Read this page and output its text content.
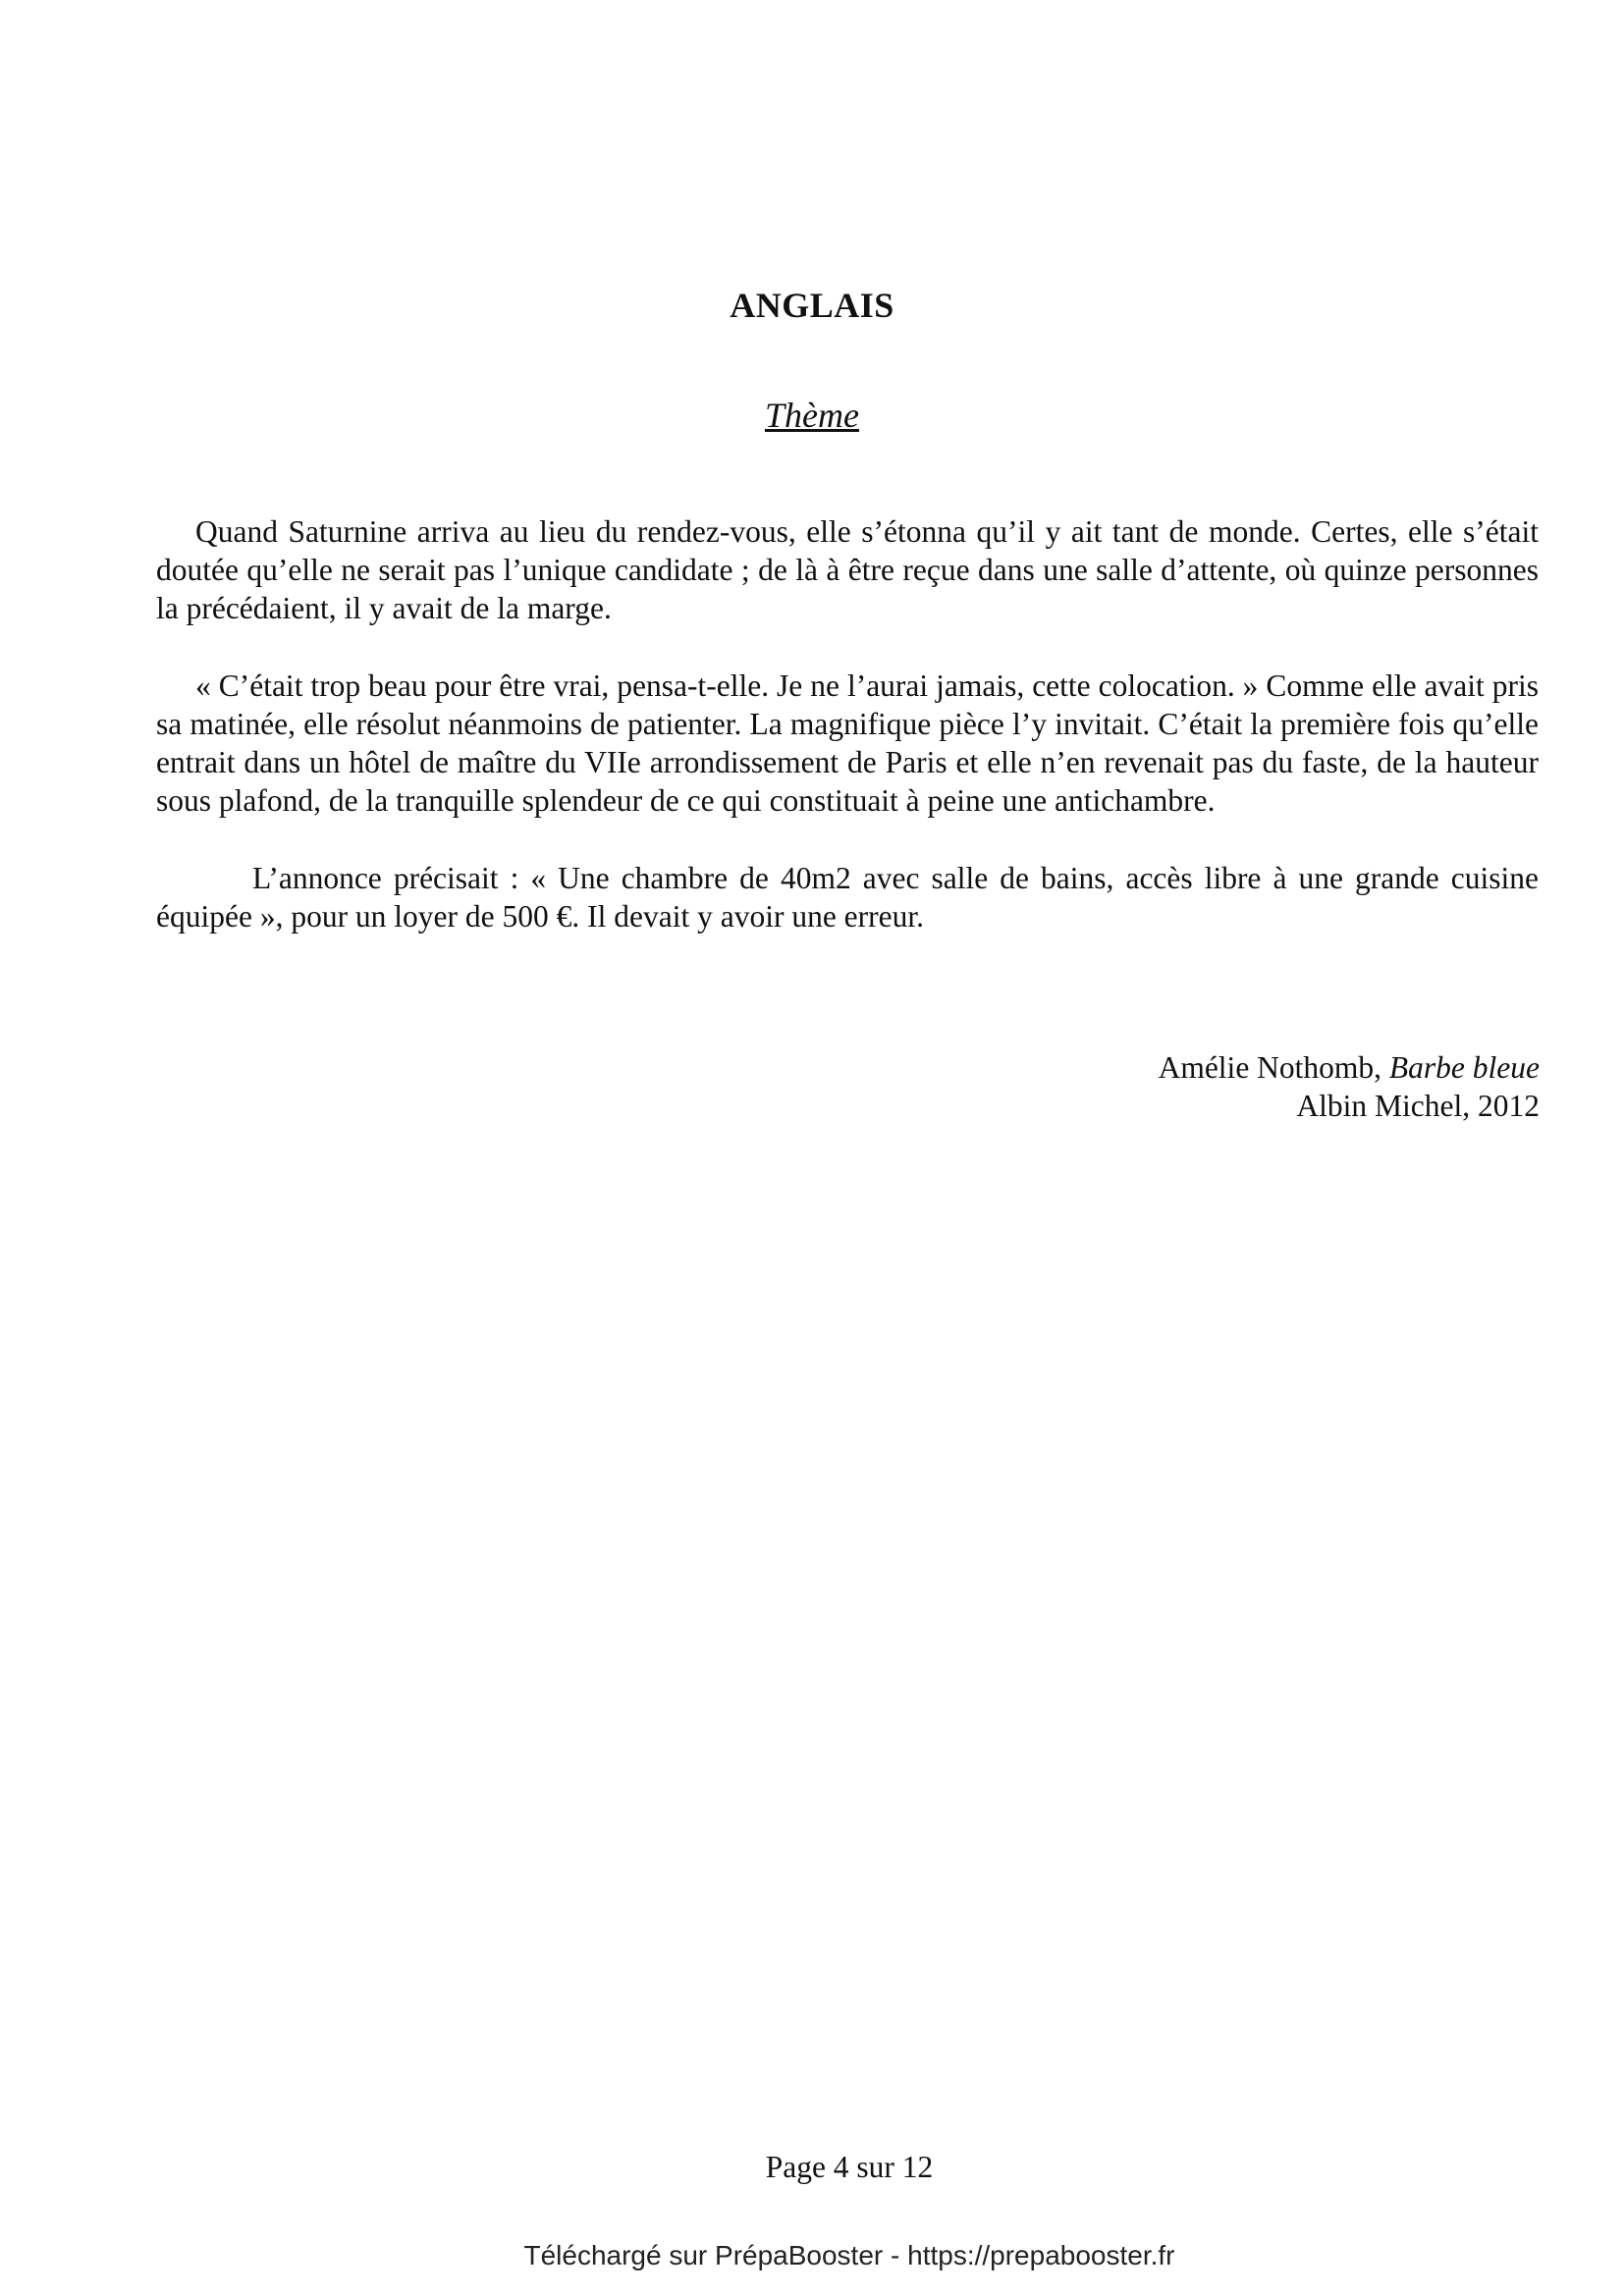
ANGLAIS
Thème

Quand Saturnine arriva au lieu du rendez-vous, elle s’étonna qu’il y ait tant de monde. Certes, elle s’était doutée qu’elle ne serait pas l’unique candidate ; de là à être reçue dans une salle d’attente, où quinze personnes la précédaient, il y avait de la marge.

« C’était trop beau pour être vrai, pensa-t-elle. Je ne l’aurai jamais, cette colocation. » Comme elle avait pris sa matinée, elle résolut néanmoins de patienter. La magnifique pièce l’y invitait. C’était la première fois qu’elle entrait dans un hôtel de maître du VIIe arrondissement de Paris et elle n’en revenait pas du faste, de la hauteur sous plafond, de la tranquille splendeur de ce qui constituait à peine une antichambre.

L’annonce précisait : « Une chambre de 40m2 avec salle de bains, accès libre à une grande cuisine équipée », pour un loyer de 500 €. Il devait y avoir une erreur.

Amélie Nothomb, Barbe bleue
Albin Michel, 2012
Page 4 sur 12
Téléchargé sur PrépaBooster - https://prepabooster.fr
